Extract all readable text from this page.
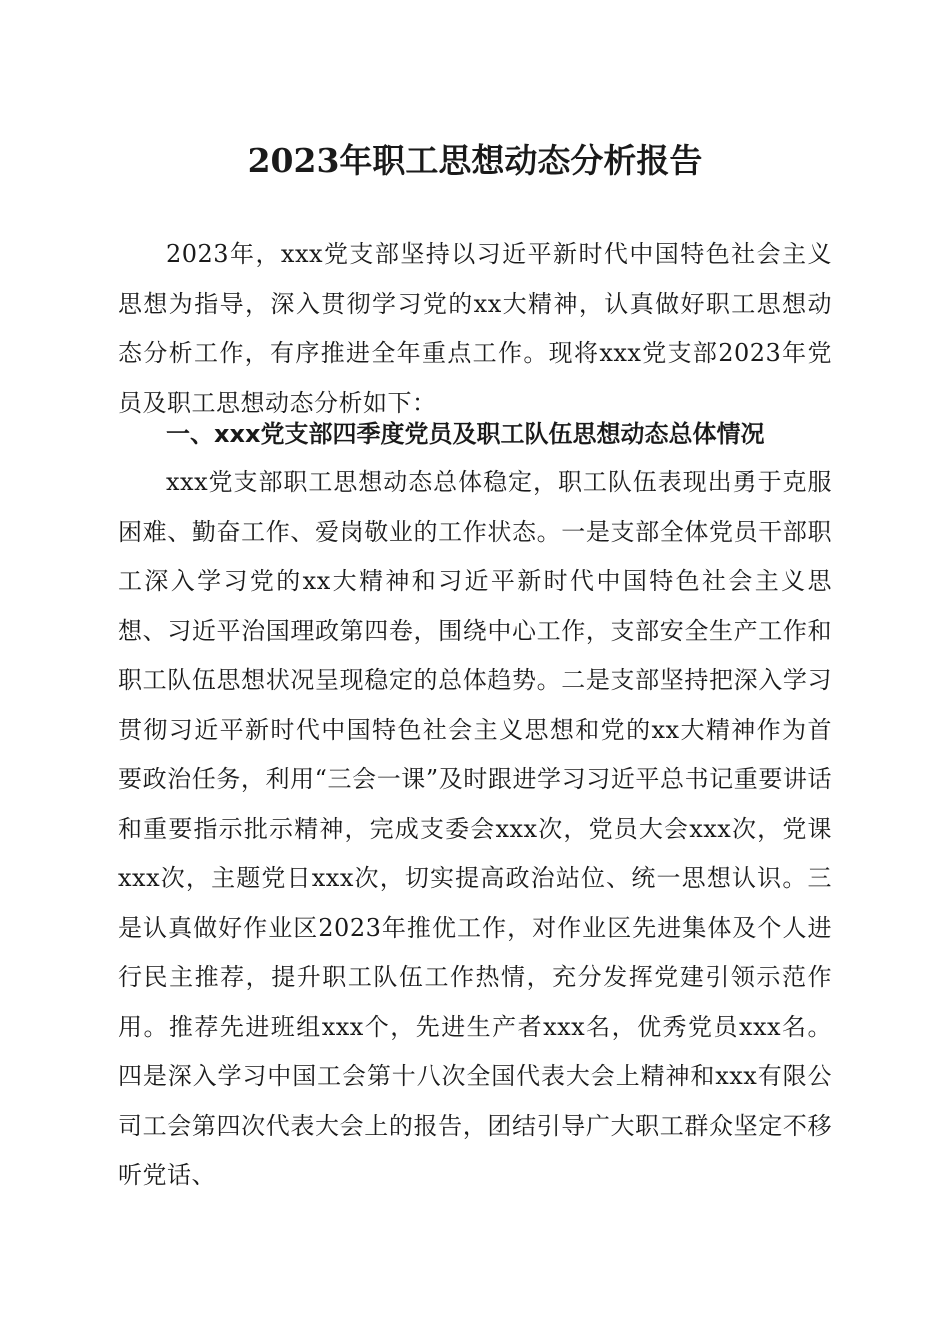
2023年职工思想动态分析报告

2023年，xxx党支部坚持以习近平新时代中国特色社会主义思想为指导，深入贯彻学习党的xx大精神，认真做好职工思想动态分析工作，有序推进全年重点工作。现将xxx党支部2023年党员及职工思想动态分析如下：

一、xxx党支部四季度党员及职工队伍思想动态总体情况

xxx党支部职工思想动态总体稳定，职工队伍表现出勇于克服困难、勤奋工作、爱岗敬业的工作状态。一是支部全体党员干部职工深入学习党的xx大精神和习近平新时代中国特色社会主义思想、习近平治国理政第四卷，围绕中心工作，支部安全生产工作和职工队伍思想状况呈现稳定的总体趋势。二是支部坚持把深入学习贯彻习近平新时代中国特色社会主义思想和党的xx大精神作为首要政治任务，利用“三会一课”及时跟进学习习近平总书记重要讲话和重要指示批示精神，完成支委会xxx次，党员大会xxx次，党课xxx次，主题党日xxx次，切实提高政治站位、统一思想认识。三是认真做好作业区2023年推优工作，对作业区先进集体及个人进行民主推荐，提升职工队伍工作热情，充分发挥党建引领示范作用。推荐先进班组xxx个，先进生产者xxx名，优秀党员xxx名。四是深入学习中国工会第十八次全国代表大会上精神和xxx有限公司工会第四次代表大会上的报告，团结引导广大职工群众坚定不移听党话、
